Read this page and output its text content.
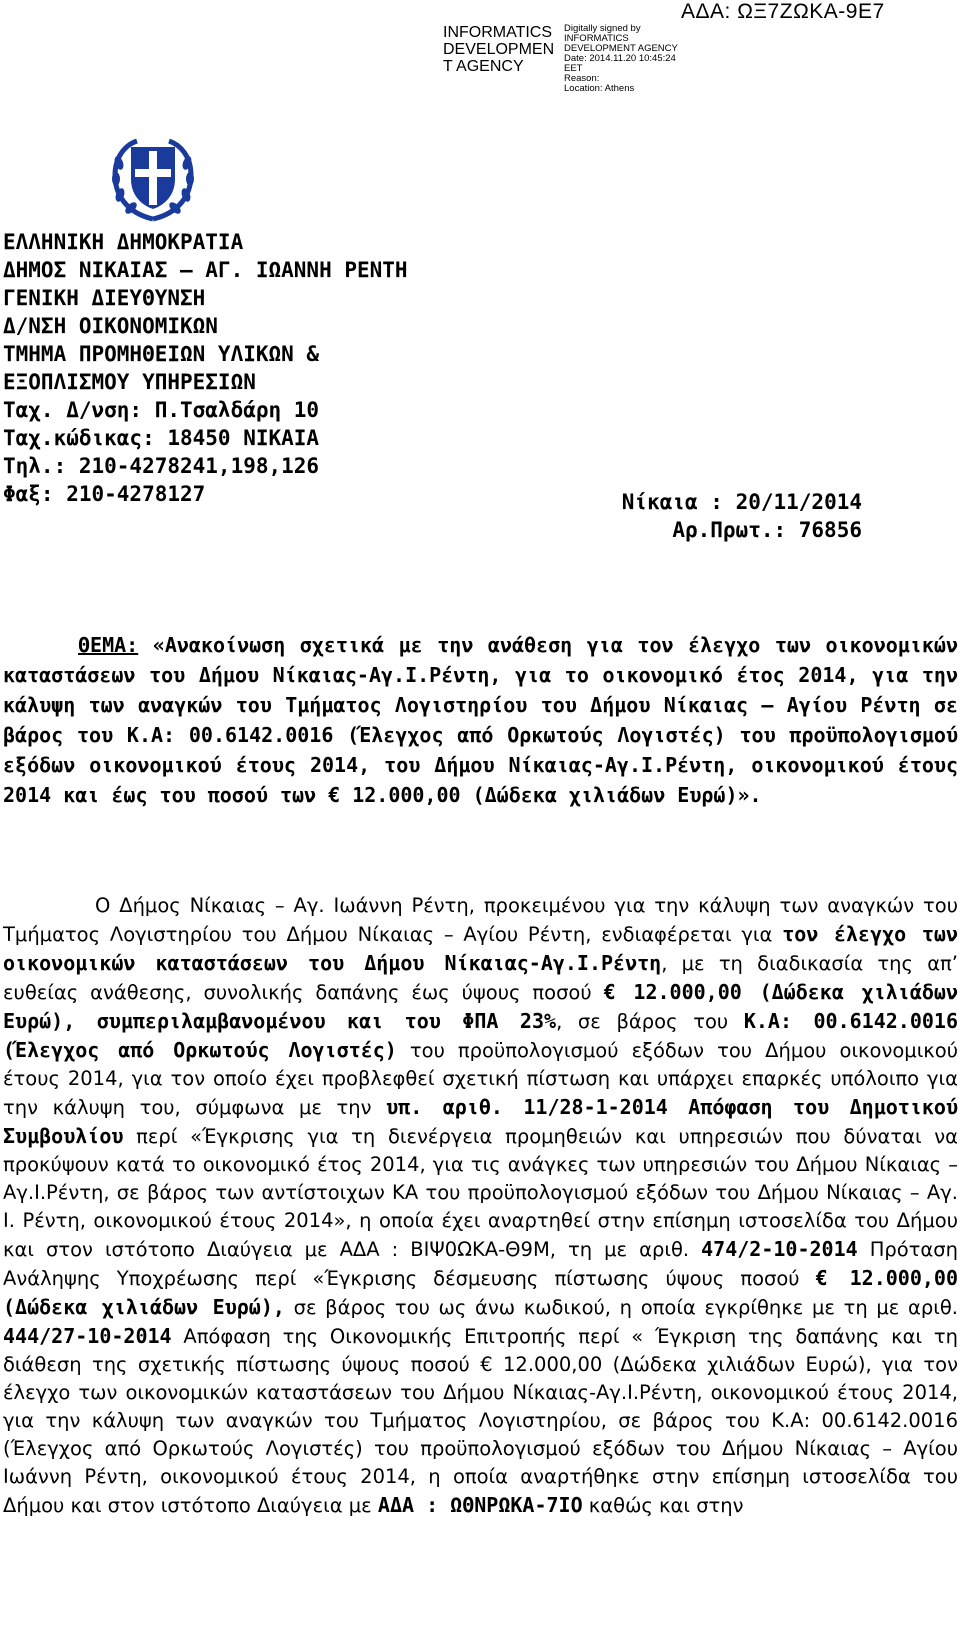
ΑΔΑ: ΩΞ7ΖΩΚΑ-9Ε7
INFORMATICS
DEVELOPMEN
T AGENCY
Digitally signed by
INFORMATICS
DEVELOPMENT AGENCY
Date: 2014.11.20 10:45:24
EET
Reason:
Location: Athens
ΕΛΛΗΝΙΚΗ ΔΗΜΟΚΡΑΤΙΑ
ΔΗΜΟΣ ΝΙΚΑΙΑΣ – ΑΓ. ΙΩΑΝΝΗ ΡΕΝΤΗ
ΓΕΝΙΚΗ ΔΙΕΥΘΥΝΣΗ
Δ/ΝΣΗ ΟΙΚΟΝΟΜΙΚΩΝ
ΤΜΗΜΑ ΠΡΟΜΗΘΕΙΩΝ ΥΛΙΚΩΝ &
ΕΞΟΠΛΙΣΜΟΥ ΥΠΗΡΕΣΙΩΝ
Ταχ. Δ/νση: Π.Τσαλδάρη 10
Ταχ.κώδικας: 18450 ΝΙΚΑΙΑ
Τηλ.: 210-4278241,198,126
Φαξ: 210-4278127	Νίκαια : 20/11/2014
Αρ.Πρωτ.: 76856
ΘΕΜΑ: «Ανακοίνωση σχετικά με την ανάθεση για τον έλεγχο των οικονομικών καταστάσεων του Δήμου Νίκαιας-Αγ.Ι.Ρέντη, για το οικονομικό έτος 2014, για την κάλυψη των αναγκών του Τμήματος Λογιστηρίου του Δήμου Νίκαιας – Αγίου Ρέντη σε βάρος του Κ.Α: 00.6142.0016 (Έλεγχος από Ορκωτούς Λογιστές) του προϋπολογισμού εξόδων οικονομικού έτους 2014, του Δήμου Νίκαιας-Αγ.Ι.Ρέντη, οικονομικού έτους 2014 και έως του ποσού των € 12.000,00 (Δώδεκα χιλιάδων Ευρώ)».
Ο Δήμος Νίκαιας – Αγ. Ιωάννη Ρέντη, προκειμένου για την κάλυψη των αναγκών του Τμήματος Λογιστηρίου του Δήμου Νίκαιας – Αγίου Ρέντη, ενδιαφέρεται για τον έλεγχο των οικονομικών καταστάσεων του Δήμου Νίκαιας-Αγ.Ι.Ρέντη, με τη διαδικασία της απ’ ευθείας ανάθεσης, συνολικής δαπάνης έως ύψους ποσού € 12.000,00 (Δώδεκα χιλιάδων Ευρώ), συμπεριλαμβανομένου και του ΦΠΑ 23%, σε βάρος του Κ.Α: 00.6142.0016 (Έλεγχος από Ορκωτούς Λογιστές) του προϋπολογισμού εξόδων του Δήμου οικονομικού έτους 2014, για τον οποίο έχει προβλεφθεί σχετική πίστωση και υπάρχει επαρκές υπόλοιπο για την κάλυψη του, σύμφωνα με την υπ. αριθ. 11/28-1-2014 Απόφαση του Δημοτικού Συμβουλίου περί «Έγκρισης για τη διενέργεια προμηθειών και υπηρεσιών που δύναται να προκύψουν κατά το οικονομικό έτος 2014, για τις ανάγκες των υπηρεσιών του Δήμου Νίκαιας – Αγ.Ι.Ρέντη, σε βάρος των αντίστοιχων ΚΑ του προϋπολογισμού εξόδων του Δήμου Νίκαιας – Αγ. Ι. Ρέντη, οικονομικού έτους 2014», η οποία έχει αναρτηθεί στην επίσημη ιστοσελίδα του Δήμου και στον ιστότοπο Διαύγεια με ΑΔΑ : ΒΙΨ0ΩΚΑ-Θ9Μ, τη με αριθ. 474/2-10-2014 Πρόταση Ανάληψης Υποχρέωσης περί «Έγκρισης δέσμευσης πίστωσης ύψους ποσού € 12.000,00 (Δώδεκα χιλιάδων Ευρώ), σε βάρος του ως άνω κωδικού, η οποία εγκρίθηκε με τη με αριθ. 444/27-10-2014 Απόφαση της Οικονομικής Επιτροπής περί « Έγκριση της δαπάνης και τη διάθεση της σχετικής πίστωσης ύψους ποσού € 12.000,00 (Δώδεκα χιλιάδων Ευρώ), για τον έλεγχο των οικονομικών καταστάσεων του Δήμου Νίκαιας-Αγ.Ι.Ρέντη, οικονομικού έτους 2014, για την κάλυψη των αναγκών του Τμήματος Λογιστηρίου, σε βάρος του Κ.Α: 00.6142.0016 (Έλεγχος από Ορκωτούς Λογιστές) του προϋπολογισμού εξόδων του Δήμου Νίκαιας – Αγίου Ιωάννη Ρέντη, οικονομικού έτους 2014, η οποία αναρτήθηκε στην επίσημη ιστοσελίδα του Δήμου και στον ιστότοπο Διαύγεια με ΑΔΑ : ΩΘΝΡΩΚΑ-7ΙΟ καθώς και στην
